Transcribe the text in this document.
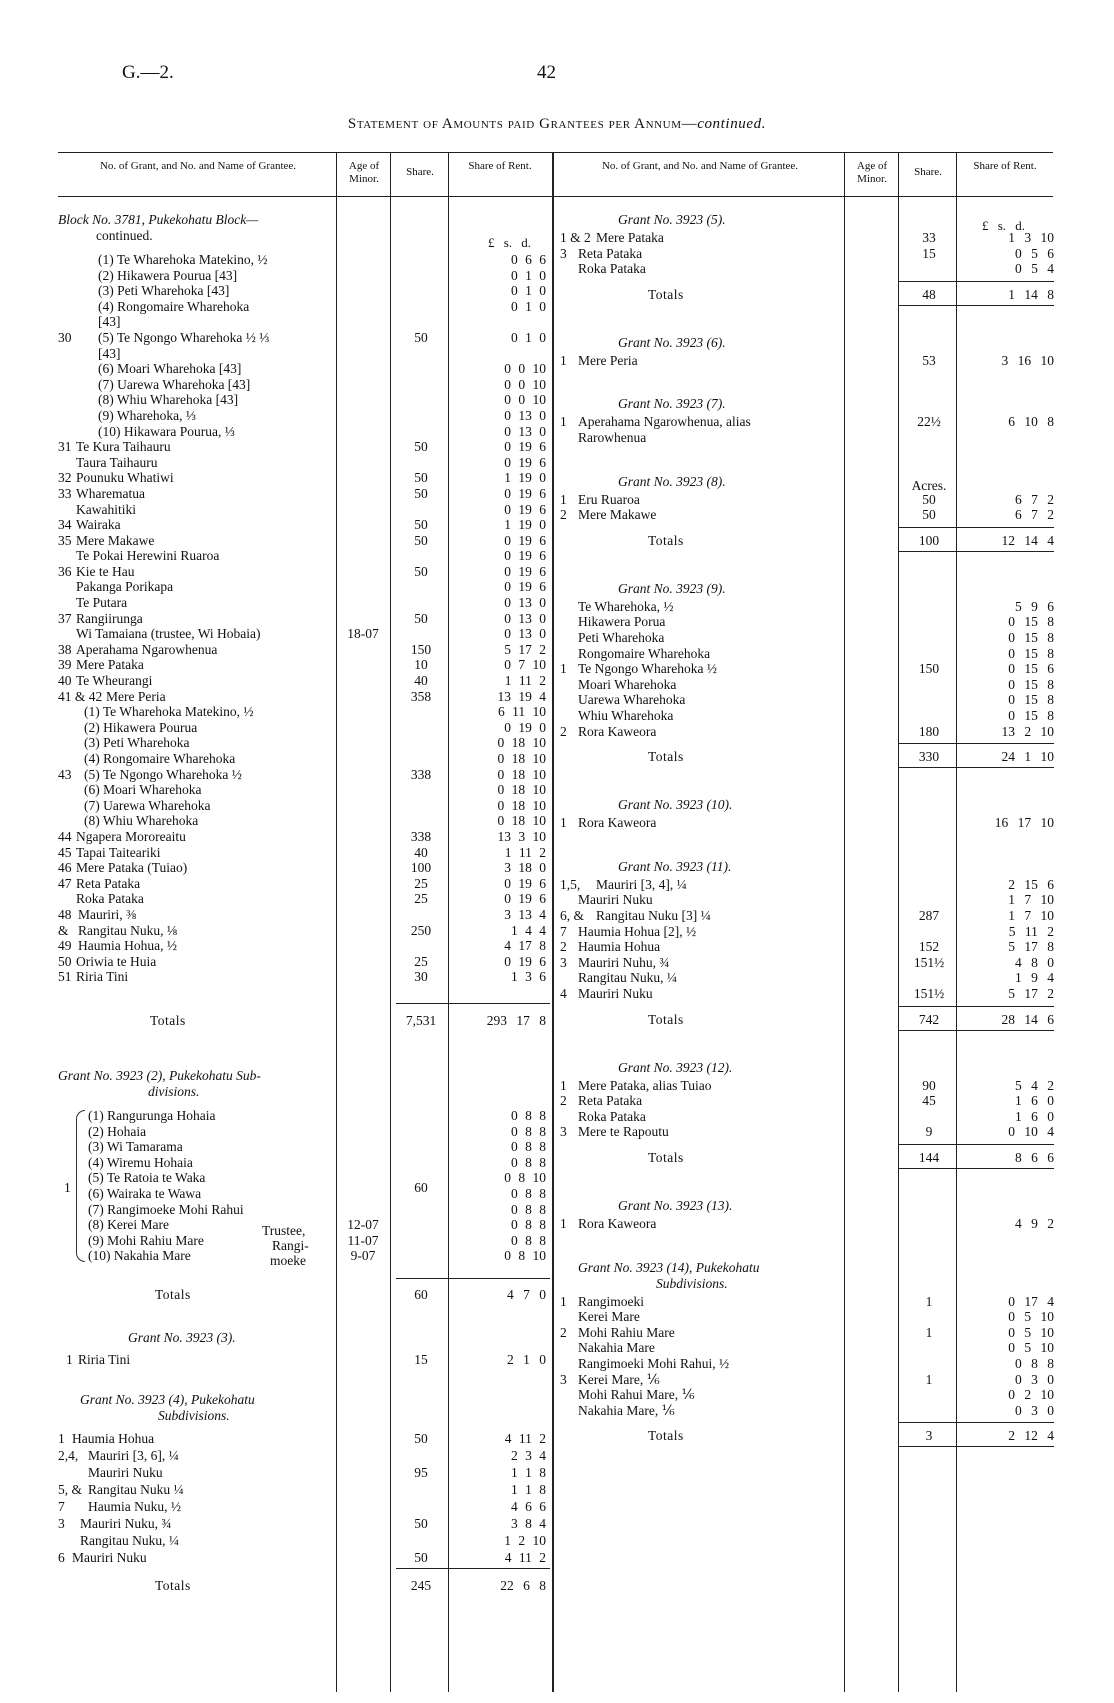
G.—2.	42
Statement of Amounts paid Grantees per Annum—continued.
No. of Grant, and No. and Name of Grantee.	Age of Minor.
Share.	Share of Rent.	No. of Grant, and No. and Name of Grantee.	Age of Minor.
Share.	Share of Rent.
Block No. 3781, Pukekohatu Block—
continued.	£ s. d.
(1) Te Wharehoka Matekino, ½	0 6 6
(2) Hikawera Pourua [43]	0 1 0
(3) Peti Wharehoka [43]	0 1 0
(4) Rongomaire Wharehoka	0 1 0
[43]
30 (5) Te Ngongo Wharehoka ½ ⅓	50	0 1 0
[43]
(6) Moari Wharehoka [43]	0 0 10
(7) Uarewa Wharehoka [43]	0 0 10
(8) Whiu Wharehoka [43]	0 0 10
(9) Wharehoka, ⅓	0 13 0
(10) Hikawara Pourua, ⅓	0 13 0
31 Te Kura Taihauru	50	0 19 6
Taura Taihauru	0 19 6
32 Pounuku Whatiwi	50	1 19 0
33 Wharematua	50	0 19 6
Kawahitiki	0 19 6
34 Wairaka	50	1 19 0
35 Mere Makawe	50	0 19 6
Te Pokai Herewini Ruaroa	0 19 6
36 Kie te Hau	50	0 19 6
Pakanga Porikapa	0 19 6
Te Putara	0 13 0
37 Rangiirunga	50	0 13 0
Wi Tamaiana (trustee, Wi Hobaia)	18-07	0 13 0
38 Aperahama Ngarowhenua	150	5 17 2
39 Mere Pataka	10	0 7 10
40 Te Wheurangi	40	1 11 2
41 & 42 Mere Peria	358	13 19 4
(1) Te Wharehoka Matekino, ½	6 11 10
(2) Hikawera Pourua	0 19 0
(3) Peti Wharehoka	0 18 10
(4) Rongomaire Wharehoka	0 18 10
43 (5) Te Ngongo Wharehoka ½	338	0 18 10
(6) Moari Wharehoka	0 18 10
(7) Uarewa Wharehoka	0 18 10
(8) Whiu Wharehoka	0 18 10
44 Ngapera Mororeaitu	338	13 3 10
45 Tapai Taiteariki	40	1 11 2
46 Mere Pataka (Tuiao)	100	3 18 0
47 Reta Pataka	25	0 19 6
Roka Pataka	25	0 19 6
48 Mauriri, ⅜	3 13 4
& Rangitau Nuku, ⅛	250	1 4 4
49 Haumia Hohua, ½	4 17 8
50 Oriwia te Huia	25	0 19 6
51 Riria Tini	30	1 3 6
Totals	7,531	293 17 8
Grant No. 3923 (2), Pukekohatu Sub-
divisions.
(1) Rangurunga Hohaia	0 8 8
(2) Hohaia	0 8 8
(3) Wi Tamarama	0 8 8
(4) Wiremu Hohaia	0 8 8
(5) Te Ratoia te Waka	0 8 10
(6) Wairaka te Wawa	0 8 8
(7) Rangimoeke Mohi Rahui	0 8 8
(8) Kerei Mare	12-07	0 8 8
(9) Mohi Rahiu Mare	11-07	0 8 8
(10) Nakahia Mare	9-07	0 8 10
1	60
Trustee,
Rangi-
moeke
Totals	60	4 7 0
Grant No. 3923 (3).
1 Riria Tini	15	2 1 0
Grant No. 3923 (4), Pukekohatu
Subdivisions.
1 Haumia Hohua	50	4 11 2
2,4, Mauriri [3, 6], ¼	2 3 4
Mauriri Nuku	95	1 1 8
5, & Rangitau Nuku ¼	1 1 8
7 Haumia Nuku, ½	4 6 6
3 Mauriri Nuku, ¾	50	3 8 4
Rangitau Nuku, ¼	1 2 10
6 Mauriri Nuku	50	4 11 2
Totals	245	22 6 8
£ s. d.
Grant No. 3923 (5).
1 & 2 Mere Pataka	33	1 3 10
3 Reta Pataka	15	0 5 6
Roka Pataka	0 5 4
Totals	48	1 14 8
Grant No. 3923 (6).
1 Mere Peria	53	3 16 10
Grant No. 3923 (7).
1 Aperahama Ngarowhenua, alias	22½	6 10 8
Rarowhenua
Grant No. 3923 (8).	Acres.
1 Eru Ruaroa	50	6 7 2
2 Mere Makawe	50	6 7 2
Totals	100	12 14 4
Grant No. 3923 (9).
Te Wharehoka, ½	5 9 6
Hikawera Porua	0 15 8
Peti Wharehoka	0 15 8
Rongomaire Wharehoka	0 15 8
1 Te Ngongo Wharehoka ½	150	0 15 6
Moari Wharehoka	0 15 8
Uarewa Wharehoka	0 15 8
Whiu Wharehoka	0 15 8
2 Rora Kaweora	180	13 2 10
Totals	330	24 1 10
Grant No. 3923 (10).
1 Rora Kaweora	16 17 10
Grant No. 3923 (11).
1,5, Mauriri [3, 4], ¼	2 15 6
Mauriri Nuku	1 7 10
6, & Rangitau Nuku [3] ¼	287	1 7 10
7 Haumia Hohua [2], ½	5 11 2
2 Haumia Hohua	152	5 17 8
3 Mauriri Nuhu, ¾	151½	4 8 0
Rangitau Nuku, ¼	1 9 4
4 Mauriri Nuku	151½	5 17 2
Totals	742	28 14 6
Grant No. 3923 (12).
1 Mere Pataka, alias Tuiao	90	5 4 2
2 Reta Pataka	45	1 6 0
Roka Pataka	1 6 0
3 Mere te Rapoutu	9	0 10 4
Totals	144	8 6 6
Grant No. 3923 (13).
1 Rora Kaweora	4 9 2
Grant No. 3923 (14), Pukekohatu
Subdivisions.
1 Rangimoeki	1	0 17 4
Kerei Mare	0 5 10
2 Mohi Rahiu Mare	1	0 5 10
Nakahia Mare	0 5 10
Rangimoeki Mohi Rahui, ½	0 8 8
3 Kerei Mare, ⅙	1	0 3 0
Mohi Rahui Mare, ⅙	0 2 10
Nakahia Mare, ⅙	0 3 0
Totals	3	2 12 4
